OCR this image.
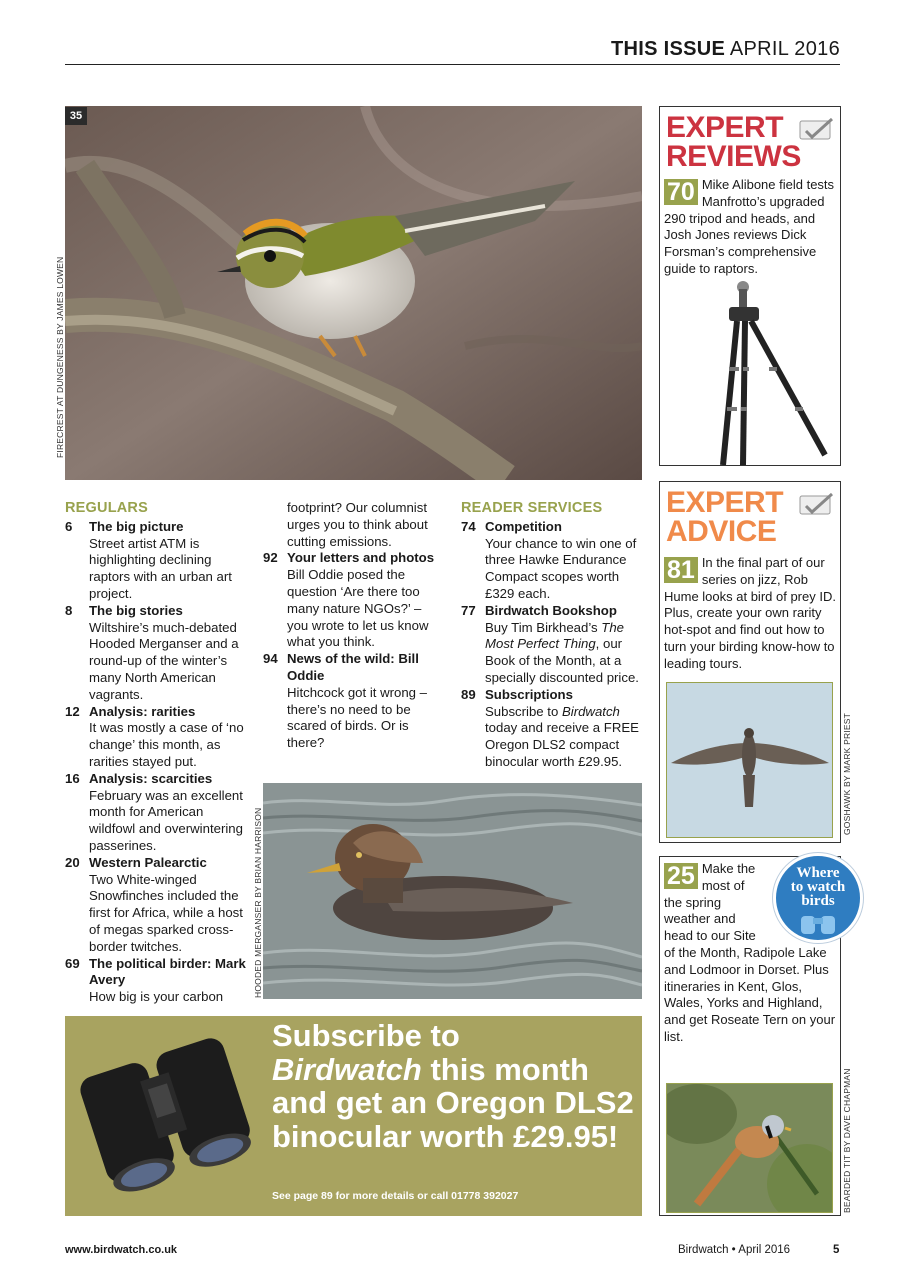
THIS ISSUE APRIL 2016
35
FIRECREST AT DUNGENESS BY JAMES LOWEN
REGULARS
6	The big picture
Street artist ATM is highlighting declining raptors with an urban art project.
8	The big stories
Wiltshire’s much-debated Hooded Merganser and a round-up of the winter’s many North American vagrants.
12 Analysis: rarities
It was mostly a case of ‘no change’ this month, as rarities stayed put.
16 Analysis: scarcities
February was an excellent month for American wildfowl and overwintering passerines.
20 Western Palearctic
Two White-winged Snowfinches included the first for Africa, while a host of megas sparked cross-border twitches.
69 The political birder: Mark Avery
How big is your carbon
footprint? Our columnist urges you to think about cutting emissions.
92 Your letters and photos
Bill Oddie posed the question ‘Are there too many nature NGOs?’ – you wrote to let us know what you think.
94 News of the wild: Bill Oddie
Hitchcock got it wrong – there’s no need to be scared of birds. Or is there?
READER SERVICES
74 Competition
Your chance to win one of three Hawke Endurance Compact scopes worth £329 each.
77 Birdwatch Bookshop
Buy Tim Birkhead’s The Most Perfect Thing, our Book of the Month, at a specially discounted price.
89 Subscriptions
Subscribe to Birdwatch today and receive a FREE Oregon DLS2 compact binocular worth £29.95.
HOODED MERGANSER BY BRIAN HARRISON
EXPERT
REVIEWS
70 Mike Alibone field tests Manfrotto’s upgraded 290 tripod and heads, and Josh Jones reviews Dick Forsman’s comprehensive guide to raptors.
EXPERT
ADVICE
81 In the final part of our series on jizz, Rob Hume looks at bird of prey ID. Plus, create your own rarity hot-spot and find out how to turn your birding know-how to leading tours.
GOSHAWK BY MARK PRIEST
25 Make the most of the spring weather and head to our Site of the Month, Radipole Lake and Lodmoor in Dorset. Plus itineraries in Kent, Glos, Wales, Yorks and Highland, and get Roseate Tern on your list.
Where
to watch
birds
BEARDED TIT BY DAVE CHAPMAN
Subscribe to
Birdwatch this month and get an Oregon DLS2 binocular worth £29.95!
See page 89 for more details or call 01778 392027
www.birdwatch.co.uk	Birdwatch • April 2016	5
